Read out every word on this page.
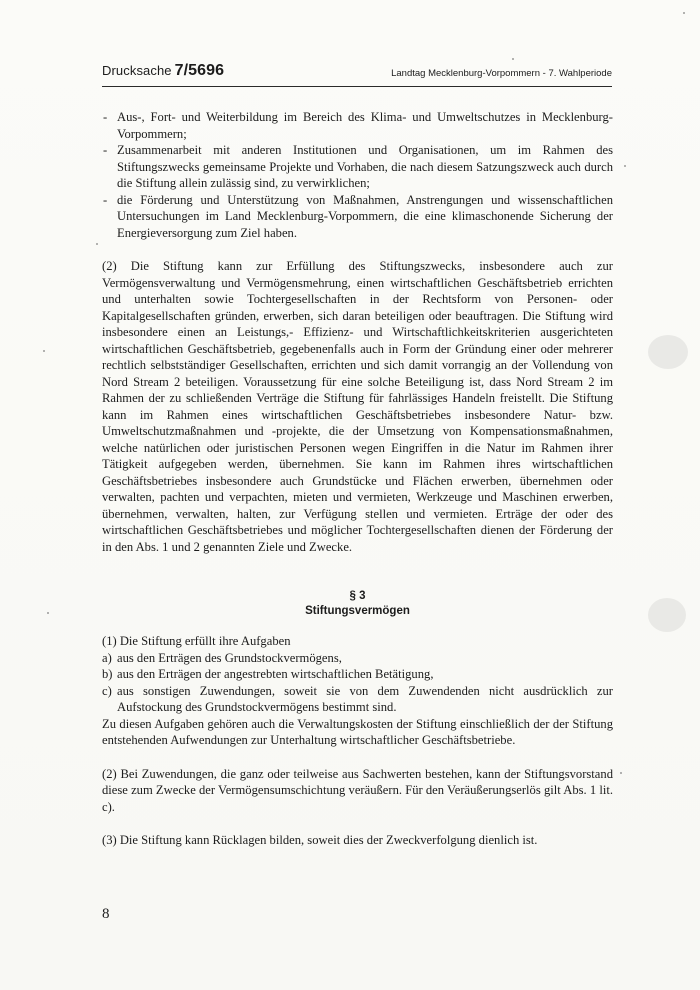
Drucksache 7/5696	Landtag Mecklenburg-Vorpommern - 7. Wahlperiode
- Aus-, Fort- und Weiterbildung im Bereich des Klima- und Umweltschutzes in Mecklenburg-Vorpommern;
- Zusammenarbeit mit anderen Institutionen und Organisationen, um im Rahmen des Stiftungszwecks gemeinsame Projekte und Vorhaben, die nach diesem Satzungszweck auch durch die Stiftung allein zulässig sind, zu verwirklichen;
- die Förderung und Unterstützung von Maßnahmen, Anstrengungen und wissenschaftlichen Untersuchungen im Land Mecklenburg-Vorpommern, die eine klimaschonende Sicherung der Energieversorgung zum Ziel haben.

(2) Die Stiftung kann zur Erfüllung des Stiftungszwecks, insbesondere auch zur Vermögensverwaltung und Vermögensmehrung, einen wirtschaftlichen Geschäftsbetrieb errichten und unterhalten sowie Tochtergesellschaften in der Rechtsform von Personen- oder Kapitalgesellschaften gründen, erwerben, sich daran beteiligen oder beauftragen. Die Stiftung wird insbesondere einen an Leistungs,- Effizienz- und Wirtschaftlichkeitskriterien ausgerichteten wirtschaftlichen Geschäftsbetrieb, gegebenenfalls auch in Form der Gründung einer oder mehrerer rechtlich selbstständiger Gesellschaften, errichten und sich damit vorrangig an der Vollendung von Nord Stream 2 beteiligen. Voraussetzung für eine solche Beteiligung ist, dass Nord Stream 2 im Rahmen der zu schließenden Verträge die Stiftung für fahrlässiges Handeln freistellt. Die Stiftung kann im Rahmen eines wirtschaftlichen Geschäftsbetriebes insbesondere Natur- bzw. Umweltschutzmaßnahmen und -projekte, die der Umsetzung von Kompensationsmaßnahmen, welche natürlichen oder juristischen Personen wegen Eingriffen in die Natur im Rahmen ihrer Tätigkeit aufgegeben werden, übernehmen. Sie kann im Rahmen ihres wirtschaftlichen Geschäftsbetriebes insbesondere auch Grundstücke und Flächen erwerben, übernehmen oder verwalten, pachten und verpachten, mieten und vermieten, Werkzeuge und Maschinen erwerben, übernehmen, verwalten, halten, zur Verfügung stellen und vermieten. Erträge der oder des wirtschaftlichen Geschäftsbetriebes und möglicher Tochtergesellschaften dienen der Förderung der in den Abs. 1 und 2 genannten Ziele und Zwecke.

§ 3
Stiftungsvermögen

(1) Die Stiftung erfüllt ihre Aufgaben

a) aus den Erträgen des Grundstockvermögens,
b) aus den Erträgen der angestrebten wirtschaftlichen Betätigung,
c) aus sonstigen Zuwendungen, soweit sie von dem Zuwendenden nicht ausdrücklich zur Aufstockung des Grundstockvermögens bestimmt sind.

Zu diesen Aufgaben gehören auch die Verwaltungskosten der Stiftung einschließlich der der Stiftung entstehenden Aufwendungen zur Unterhaltung wirtschaftlicher Geschäftsbetriebe.

(2) Bei Zuwendungen, die ganz oder teilweise aus Sachwerten bestehen, kann der Stiftungsvorstand diese zum Zwecke der Vermögensumschichtung veräußern. Für den Veräußerungserlös gilt Abs. 1 lit. c).

(3) Die Stiftung kann Rücklagen bilden, soweit dies der Zweckverfolgung dienlich ist.

8
